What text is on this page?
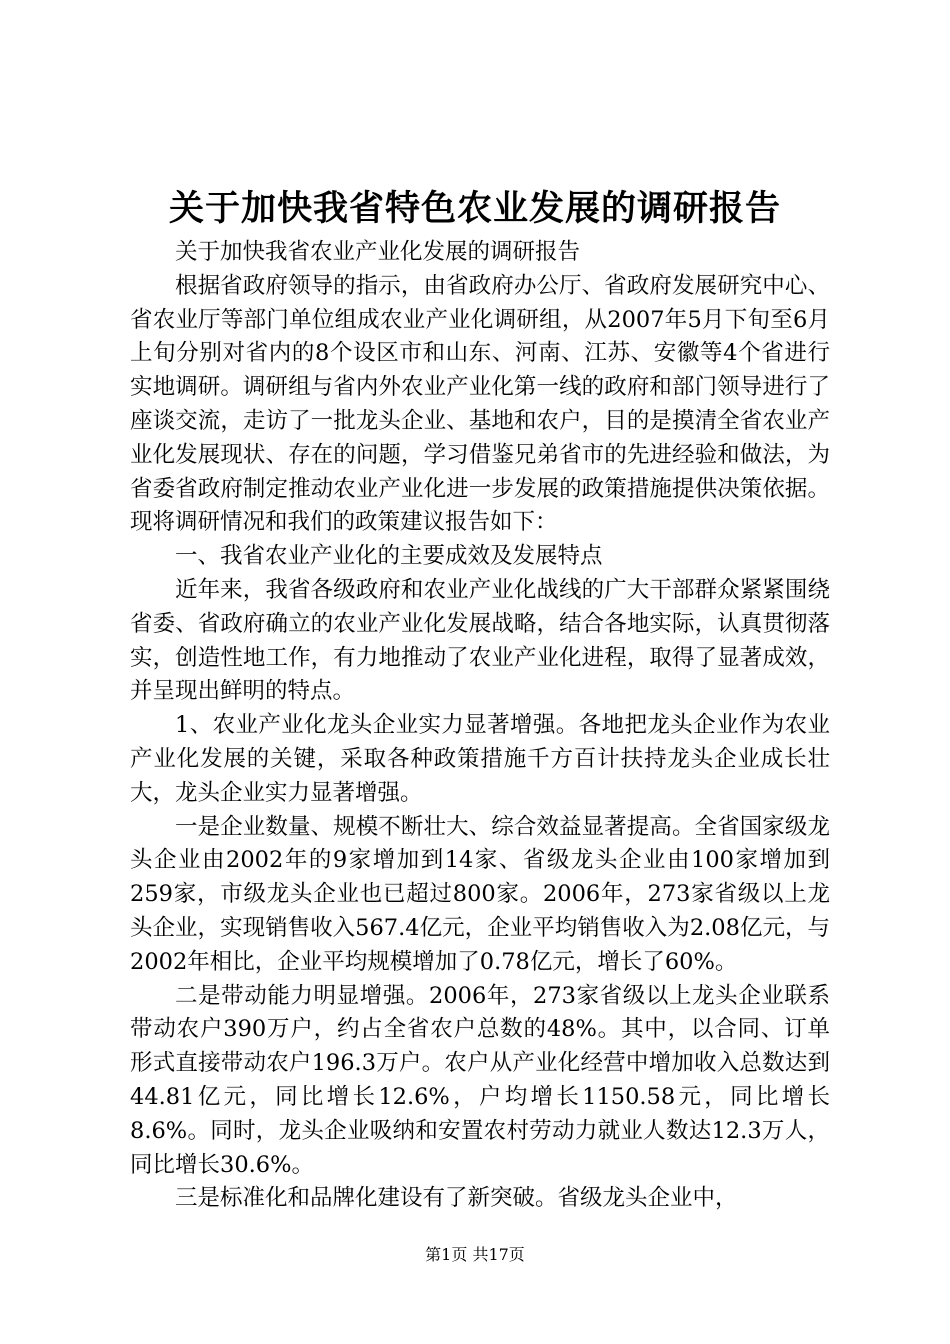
关于加快我省特色农业发展的调研报告

关于加快我省农业产业化发展的调研报告

根据省政府领导的指示，由省政府办公厅、省政府发展研究中心、省农业厅等部门单位组成农业产业化调研组，从2007年5月下旬至6月上旬分别对省内的8个设区市和山东、河南、江苏、安徽等4个省进行实地调研。调研组与省内外农业产业化第一线的政府和部门领导进行了座谈交流，走访了一批龙头企业、基地和农户，目的是摸清全省农业产业化发展现状、存在的问题，学习借鉴兄弟省市的先进经验和做法，为省委省政府制定推动农业产业化进一步发展的政策措施提供决策依据。现将调研情况和我们的政策建议报告如下：

一、我省农业产业化的主要成效及发展特点

近年来，我省各级政府和农业产业化战线的广大干部群众紧紧围绕省委、省政府确立的农业产业化发展战略，结合各地实际，认真贯彻落实，创造性地工作，有力地推动了农业产业化进程，取得了显著成效，并呈现出鲜明的特点。

1、农业产业化龙头企业实力显著增强。各地把龙头企业作为农业产业化发展的关键，采取各种政策措施千方百计扶持龙头企业成长壮大，龙头企业实力显著增强。

一是企业数量、规模不断壮大、综合效益显著提高。全省国家级龙头企业由2002年的9家增加到14家、省级龙头企业由100家增加到259家，市级龙头企业也已超过800家。2006年，273家省级以上龙头企业，实现销售收入567.4亿元，企业平均销售收入为2.08亿元，与2002年相比，企业平均规模增加了0.78亿元，增长了60%。

二是带动能力明显增强。2006年，273家省级以上龙头企业联系带动农户390万户，约占全省农户总数的48%。其中，以合同、订单形式直接带动农户196.3万户。农户从产业化经营中增加收入总数达到44.81亿元，同比增长12.6%，户均增长1150.58元，同比增长8.6%。同时，龙头企业吸纳和安置农村劳动力就业人数达12.3万人，同比增长30.6%。

三是标准化和品牌化建设有了新突破。省级龙头企业中，

第1页 共17页
